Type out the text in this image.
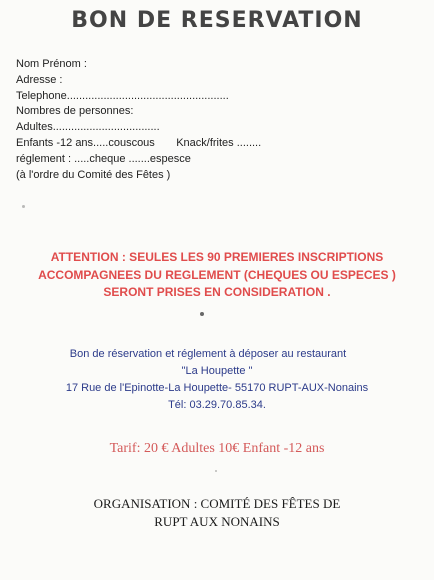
BON DE RESERVATION
Nom Prénom :
Adresse :
Telephone.....................................................
Nombres de personnes:
Adultes...................................
Enfants -12 ans.....couscous       Knack/frites ........
réglement : .....cheque .......espesce
(à l'ordre du Comité des Fêtes )
ATTENTION : SEULES LES 90 PREMIERES INSCRIPTIONS
ACCOMPAGNEES DU REGLEMENT (CHEQUES OU ESPECES )
SERONT PRISES EN CONSIDERATION .
Bon de réservation et réglement à déposer au restaurant
"La Houpette "
17 Rue de l'Epinotte-La Houpette- 55170 RUPT-AUX-Nonains
Tél: 03.29.70.85.34.
Tarif: 20 € Adultes 10€ Enfant -12 ans
ORGANISATION : COMITÉ DES FÊTES DE
RUPT AUX NONAINS
